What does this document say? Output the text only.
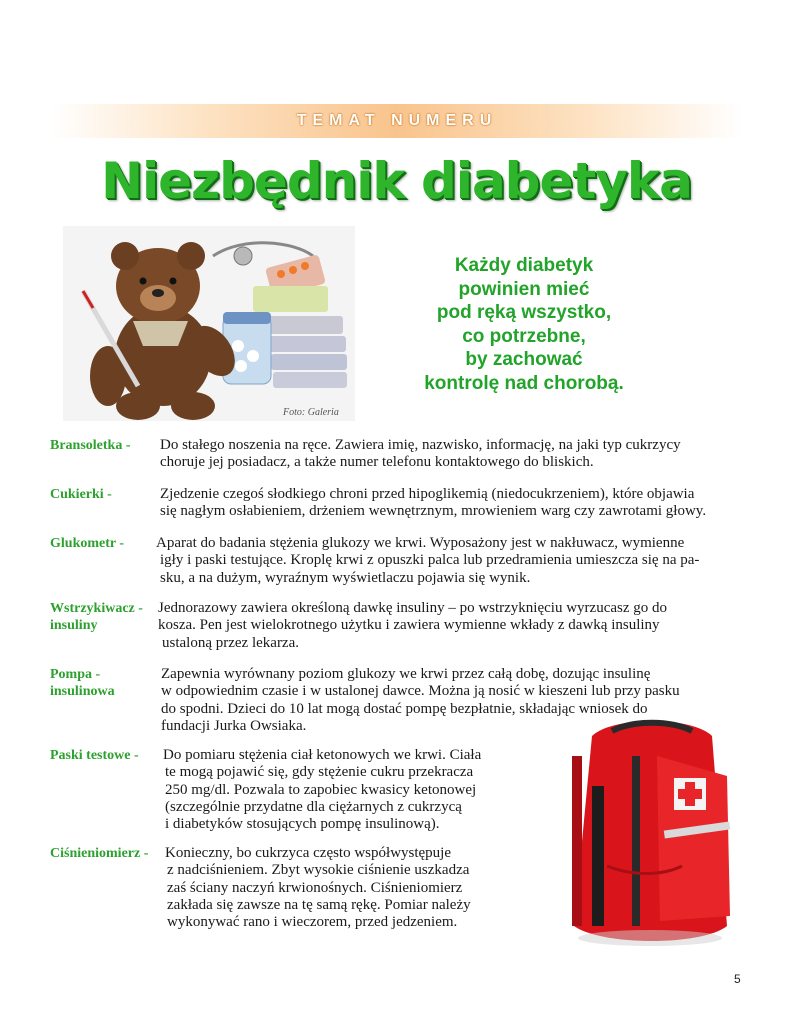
TEMAT NUMERU
Niezbędnik diabetyka
Foto: Galeria
Każdy diabetyk
powinien mieć
pod ręką wszystko,
co potrzebne,
by zachować
kontrolę nad chorobą.
Bransoletka - Do stałego noszenia na ręce. Zawiera imię, nazwisko, informację, na jaki typ cukrzycy
choruje jej posiadacz, a także numer telefonu kontaktowego do bliskich.
Cukierki -	Zjedzenie czegoś słodkiego chroni przed hipoglikemią (niedocukrzeniem), które objawia
się nagłym osłabieniem, drżeniem wewnętrznym, mrowieniem warg czy zawrotami głowy.
Glukometr - Aparat do badania stężenia glukozy we krwi. Wyposażony jest w nakłuwacz, wymienne
igły i paski testujące. Kroplę krwi z opuszki palca lub przedramienia umieszcza się na pa-
sku, a na dużym, wyraźnym wyświetlaczu pojawia się wynik.
Wstrzykiwacz -
insuliny
Jednorazowy zawiera określoną dawkę insuliny – po wstrzyknięciu wyrzucasz go do
kosza. Pen jest wielokrotnego użytku i zawiera wymienne wkłady z dawką insuliny
ustaloną przez lekarza.
Pompa -
insulinowa
Zapewnia wyrównany poziom glukozy we krwi przez całą dobę, dozując insulinę
w odpowiednim czasie i w ustalonej dawce. Można ją nosić w kieszeni lub przy pasku
do spodni. Dzieci do 10 lat mogą dostać pompę bezpłatnie, składając wniosek do
fundacji Jurka Owsiaka.
Paski testowe - Do pomiaru stężenia ciał ketonowych we krwi. Ciała
te mogą pojawić się, gdy stężenie cukru przekracza
250 mg/dl. Pozwala to zapobiec kwasicy ketonowej
(szczególnie przydatne dla ciężarnych z cukrzycą
i diabetyków stosujących pompę insulinową).
Ciśnieniomierz - Konieczny, bo cukrzyca często współwystępuje
z nadciśnieniem. Zbyt wysokie ciśnienie uszkadza
zaś ściany naczyń krwionośnych. Ciśnieniomierz
zakłada się zawsze na tę samą rękę. Pomiar należy
wykonywać rano i wieczorem, przed jedzeniem.
5
